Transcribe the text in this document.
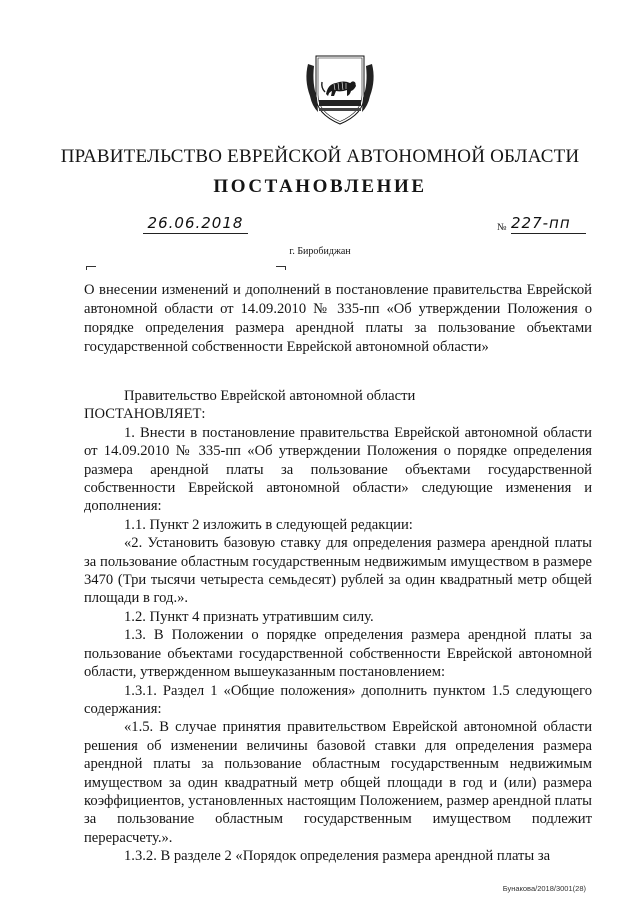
ПРАВИТЕЛЬСТВО ЕВРЕЙСКОЙ АВТОНОМНОЙ ОБЛАСТИ
ПОСТАНОВЛЕНИЕ
26.06.2018	№ 227-пп
г. Биробиджан
О внесении изменений и дополнений в постановление правительства Еврейской автономной области от 14.09.2010 № 335-пп «Об утверждении Положения о порядке определения размера арендной платы за пользование объектами государственной собственности Еврейской автономной области»

Правительство Еврейской автономной области

ПОСТАНОВЛЯЕТ:

1. Внести в постановление правительства Еврейской автономной области от 14.09.2010 № 335-пп «Об утверждении Положения о порядке определения размера арендной платы за пользование объектами государственной собственности Еврейской автономной области» следующие изменения и дополнения:

1.1. Пункт 2 изложить в следующей редакции:

«2. Установить базовую ставку для определения размера арендной платы за пользование областным государственным недвижимым имуществом в размере 3470 (Три тысячи четыреста семьдесят) рублей за один квадратный метр общей площади в год.».

1.2. Пункт 4 признать утратившим силу.

1.3. В Положении о порядке определения размера арендной платы за пользование объектами государственной собственности Еврейской автономной области, утвержденном вышеуказанным постановлением:

1.3.1. Раздел 1 «Общие положения» дополнить пунктом 1.5 следующего содержания:

«1.5. В случае принятия правительством Еврейской автономной области решения об изменении величины базовой ставки для определения размера арендной платы за пользование областным государственным недвижимым имуществом за один квадратный метр общей площади в год и (или) размера коэффициентов, установленных настоящим Положением, размер арендной платы за пользование областным государственным имуществом подлежит перерасчету.».

1.3.2. В разделе 2 «Порядок определения размера арендной платы за

Бунакова/2018/3001(28)
